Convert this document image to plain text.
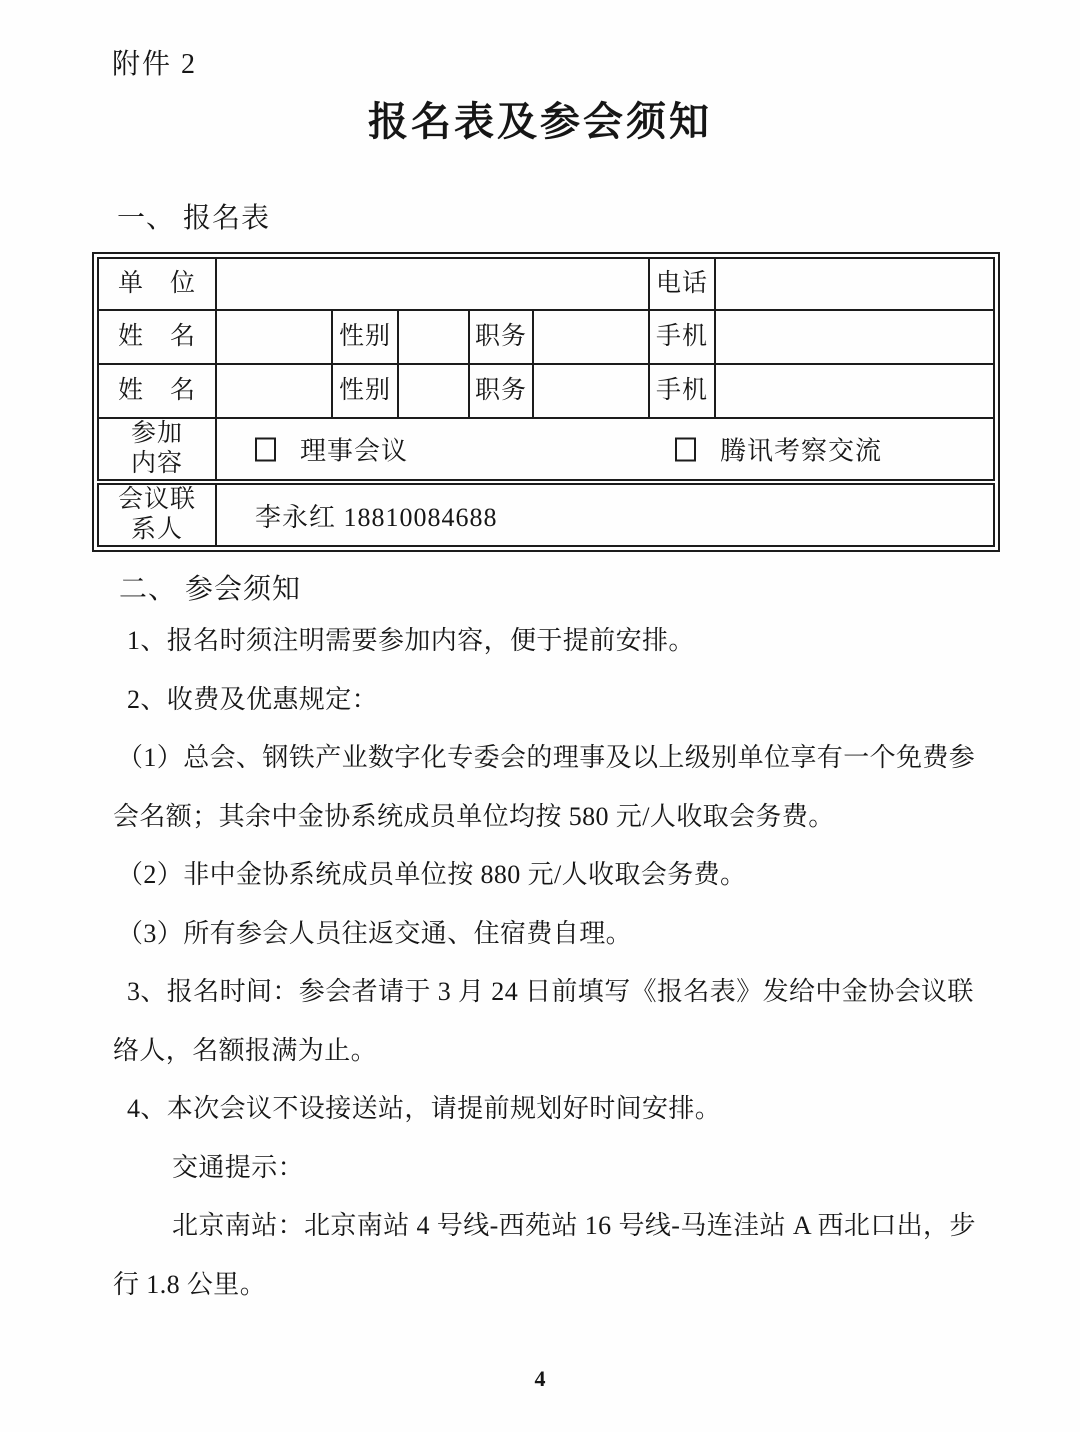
附件 2
报名表及参会须知
一、 报名表
单　位						电话	
姓　名		性别		职务		手机	
姓　名		性别		职务		手机	

参加
内容	理事会议	腾讯考察交流

会议联
系人	李永红 18810084688						
二、 参会须知
1、报名时须注明需要参加内容，便于提前安排。
2、收费及优惠规定：
（1）总会、钢铁产业数字化专委会的理事及以上级别单位享有一个免费参
会名额；其余中金协系统成员单位均按 580 元/人收取会务费。
（2）非中金协系统成员单位按 880 元/人收取会务费。
（3）所有参会人员往返交通、住宿费自理。
3、报名时间：参会者请于 3 月 24 日前填写《报名表》发给中金协会议联
络人，名额报满为止。
4、本次会议不设接送站，请提前规划好时间安排。
交通提示：
北京南站：北京南站 4 号线-西苑站 16 号线-马连洼站 A 西北口出，步
行 1.8 公里。
4
